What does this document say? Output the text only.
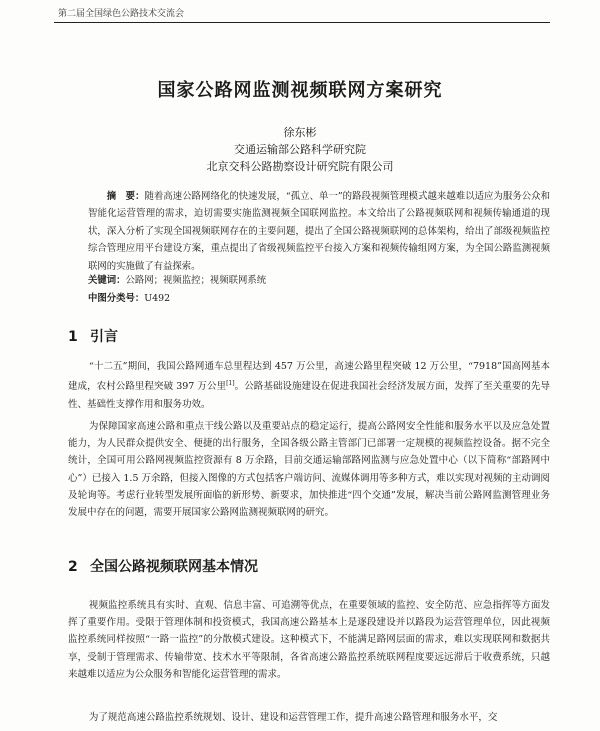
第二届全国绿色公路技术交流会
国家公路网监测视频联网方案研究
徐东彬
交通运输部公路科学研究院
北京交科公路勘察设计研究院有限公司
摘　要：随着高速公路网络化的快速发展，“孤立、单一”的路段视频管理模式越来越难以适应为服务公众和智能化运营管理的需求，迫切需要实施监测视频全国联网监控。本文给出了公路视频联网和视频传输通道的现状，深入分析了实现全国视频联网存在的主要问题，提出了全国公路视频联网的总体架构，给出了部级视频监控综合管理应用平台建设方案，重点提出了省级视频监控平台接入方案和视频传输组网方案，为全国公路监测视频联网的实施做了有益探索。
关键词：公路网；视频监控；视频联网系统
中图分类号：U492
1 引言
“十二五”期间，我国公路网通车总里程达到 457 万公里，高速公路里程突破 12 万公里，“7918”国高网基本建成，农村公路里程突破 397 万公里[1]。公路基础设施建设在促进我国社会经济发展方面，发挥了至关重要的先导性、基础性支撑作用和服务功效。
为保障国家高速公路和重点干线公路以及重要站点的稳定运行，提高公路网安全性能和服务水平以及应急处置能力，为人民群众提供安全、便捷的出行服务，全国各级公路主管部门已部署一定规模的视频监控设备。据不完全统计，全国可用公路网视频监控资源有 8 万余路，目前交通运输部路网监测与应急处置中心（以下简称“部路网中心”）已接入 1.5 万余路，但接入图像的方式包括客户端访问、流媒体调用等多种方式，难以实现对视频的主动调阅及轮询等。考虑行业转型发展所面临的新形势、新要求，加快推进“四个交通”发展，解决当前公路网监测管理业务发展中存在的问题，需要开展国家公路网监测视频联网的研究。
2 全国公路视频联网基本情况
视频监控系统具有实时、直观、信息丰富、可追溯等优点，在重要领域的监控、安全防范、应急指挥等方面发挥了重要作用。受限于管理体制和投资模式，我国高速公路基本上是逐段建设并以路段为运营管理单位，因此视频监控系统同样按照“一路一监控”的分散模式建设。这种模式下，不能满足路网层面的需求，难以实现联网和数据共享，受制于管理需求、传输带宽、技术水平等限制，各省高速公路监控系统联网程度要远远滞后于收费系统，只越来越难以适应为公众服务和智能化运营管理的需求。
为了规范高速公路监控系统规划、设计、建设和运营管理工作，提升高速公路管理和服务水平，交
